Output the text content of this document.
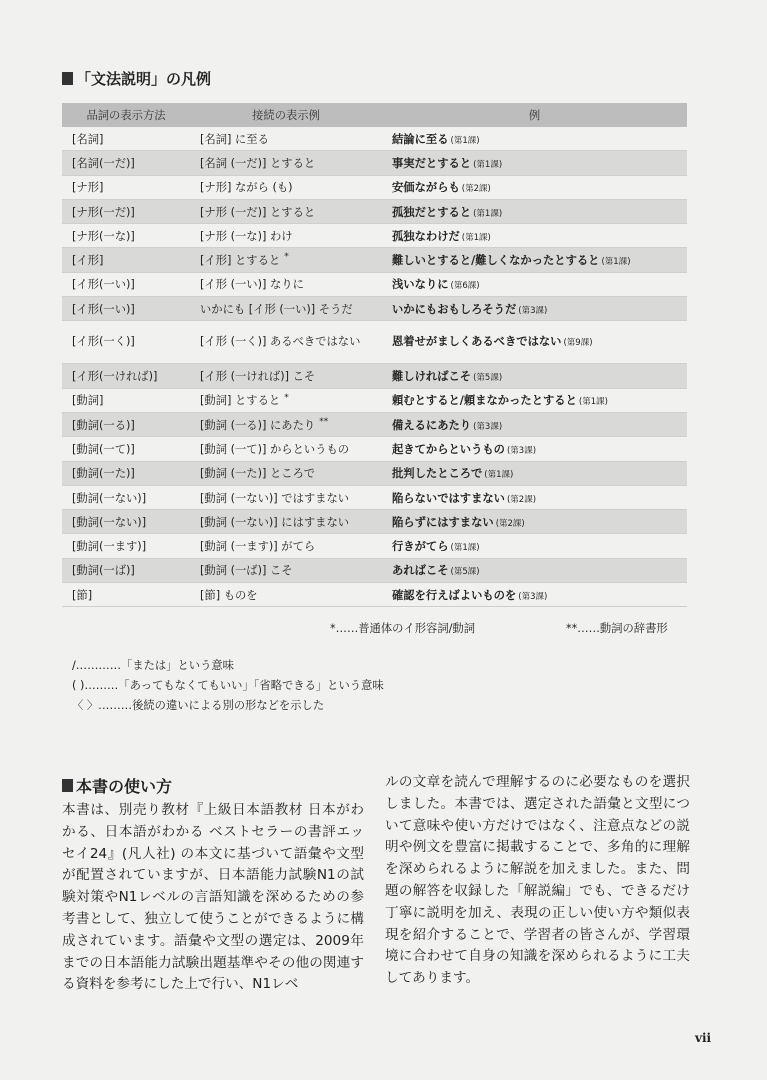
「文法説明」の凡例
品詞の表示方法	接続の表示例	例
[名詞]	[名詞] に至る	結論に至る (第1課)
[名詞(一だ)]	[名詞 (一だ)] とすると	事実だとすると (第1課)
[ナ形]	[ナ形] ながら (も)	安価ながらも (第2課)
[ナ形(一だ)]	[ナ形 (一だ)] とすると	孤独だとすると (第1課)
[ナ形(一な)]	[ナ形 (一な)] わけ	孤独なわけだ (第1課)
[イ形]	[イ形] とすると *	難しいとすると/難しくなかったとすると (第1課)
[イ形(一い)]	[イ形 (一い)] なりに	浅いなりに (第6課)
[イ形(一い)]	いかにも [イ形 (一い)] そうだ	いかにもおもしろそうだ (第3課)
[イ形(一く)]	[イ形 (一く)] あるべきではない	恩着せがましくあるべきではない (第9課)
[イ形(一ければ)]	[イ形 (一ければ)] こそ	難しければこそ (第5課)
[動詞]	[動詞] とすると *	頼むとすると/頼まなかったとすると (第1課)
[動詞(一る)]	[動詞 (一る)] にあたり **	備えるにあたり (第3課)
[動詞(一て)]	[動詞 (一て)] からというもの	起きてからというもの (第3課)
[動詞(一た)]	[動詞 (一た)] ところで	批判したところで (第1課)
[動詞(一ない)]	[動詞 (一ない)] ではすまない	陥らないではすまない (第2課)
[動詞(一ない)]	[動詞 (一ない)] にはすまない	陥らずにはすまない (第2課)
[動詞(一ます)]	[動詞 (一ます)] がてら	行きがてら (第1課)
[動詞(一ば)]	[動詞 (一ば)] こそ	あればこそ (第5課)
[節]	[節] ものを	確認を行えばよいものを (第3課)
*……普通体のイ形容詞/動詞	**……動詞の辞書形
/…………「または」という意味
( )………「あってもなくてもいい」「省略できる」という意味
〈 〉………後続の違いによる別の形などを示した
本書の使い方

本書は、別売り教材『上級日本語教材 日本がわかる、日本語がわかる ベストセラーの書評エッセイ24』(凡人社) の本文に基づいて語彙や文型が配置されていますが、日本語能力試験N1の試験対策やN1レベルの言語知識を深めるための参考書として、独立して使うことができるように構成されています。語彙や文型の選定は、2009年までの日本語能力試験出題基準やその他の関連する資料を参考にした上で行い、N1レベ

ルの文章を読んで理解するのに必要なものを選択しました。本書では、選定された語彙と文型について意味や使い方だけではなく、注意点などの説明や例文を豊富に掲載することで、多角的に理解を深められるように解説を加えました。また、問題の解答を収録した「解説編」でも、できるだけ丁寧に説明を加え、表現の正しい使い方や類似表現を紹介することで、学習者の皆さんが、学習環境に合わせて自身の知識を深められるように工夫してあります。

vii
